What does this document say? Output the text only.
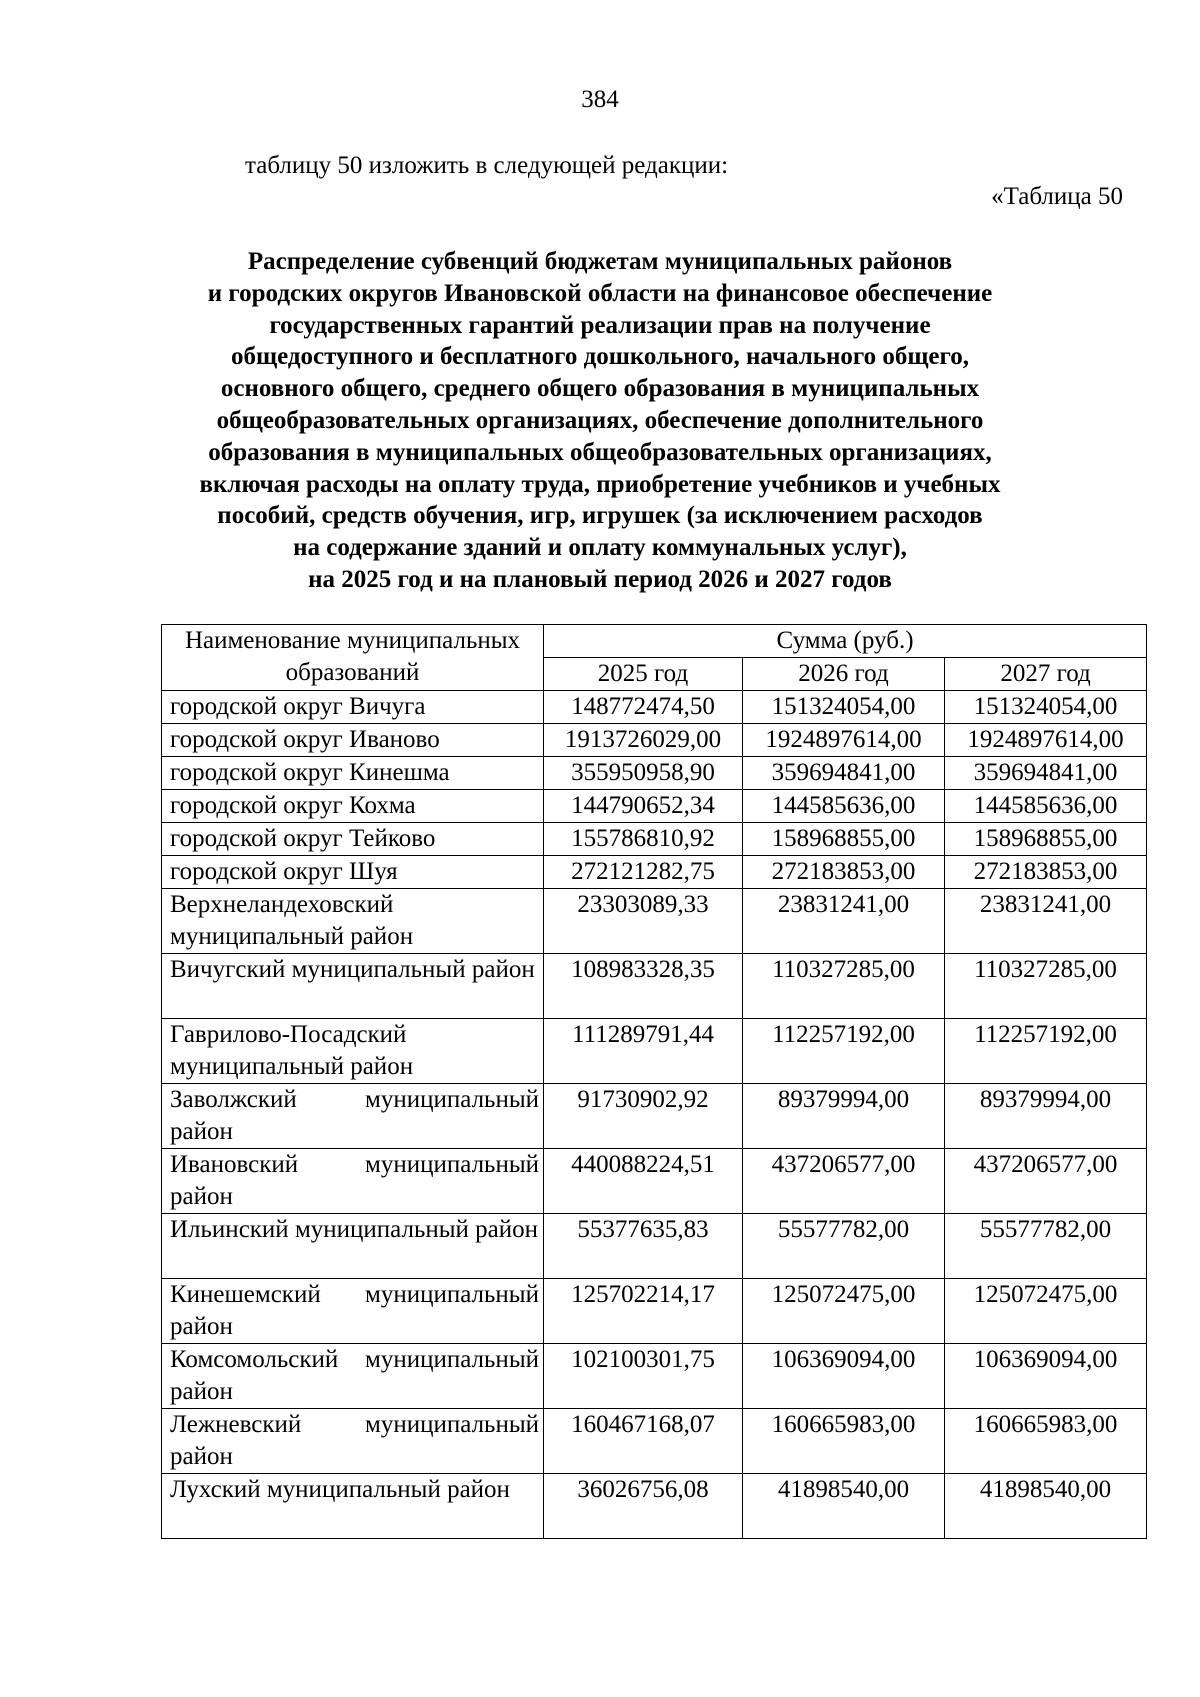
384
таблицу 50 изложить в следующей редакции:
«Таблица 50
Распределение субвенций бюджетам муниципальных районов
и городских округов Ивановской области на финансовое обеспечение
государственных гарантий реализации прав на получение
общедоступного и бесплатного дошкольного, начального общего,
основного общего, среднего общего образования в муниципальных
общеобразовательных организациях, обеспечение дополнительного
образования в муниципальных общеобразовательных организациях,
включая расходы на оплату труда, приобретение учебников и учебных
пособий, средств обучения, игр, игрушек (за исключением расходов
на содержание зданий и оплату коммунальных услуг),
на 2025 год и на плановый период 2026 и 2027 годов
Наименование муниципальных образований	Сумма (руб.)		
	2025 год	2026 год	2027 год
городской округ Вичуга	148772474,50	151324054,00	151324054,00
городской округ Иваново	1913726029,00	1924897614,00	1924897614,00
городской округ Кинешма	355950958,90	359694841,00	359694841,00
городской округ Кохма	144790652,34	144585636,00	144585636,00
городской округ Тейково	155786810,92	158968855,00	158968855,00
городской округ Шуя	272121282,75	272183853,00	272183853,00
Верхнеландеховский муниципальный район	23303089,33	23831241,00	23831241,00
Вичугский муниципальный район	108983328,35	110327285,00	110327285,00
Гаврилово-Посадский муниципальный район	111289791,44	112257192,00	112257192,00
Заволжский муниципальный район	91730902,92	89379994,00	89379994,00
Ивановский муниципальный район	440088224,51	437206577,00	437206577,00
Ильинский муниципальный район	55377635,83	55577782,00	55577782,00
Кинешемский муниципальный район	125702214,17	125072475,00	125072475,00
Комсомольский муниципальный район	102100301,75	106369094,00	106369094,00
Лежневский муниципальный район	160467168,07	160665983,00	160665983,00
Лухский муниципальный район	36026756,08	41898540,00	41898540,00
